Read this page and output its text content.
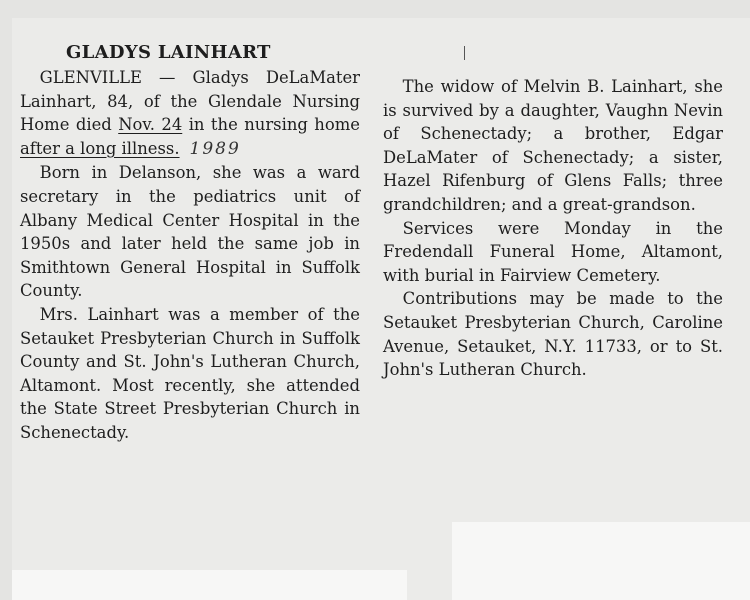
GLADYS LAINHART

GLENVILLE — Gladys DeLaMater Lainhart, 84, of the Glendale Nursing Home died Nov. 24 in the nursing home after a long illness. 1989

Born in Delanson, she was a ward secretary in the pediatrics unit of Albany Medical Center Hospital in the 1950s and later held the same job in Smithtown General Hospital in Suffolk County.

Mrs. Lainhart was a member of the Setauket Presbyterian Church in Suffolk County and St. John's Lutheran Church, Altamont. Most recently, she attended the State Street Presbyterian Church in Schenectady.

The widow of Melvin B. Lainhart, she is survived by a daughter, Vaughn Nevin of Schenectady; a brother, Edgar DeLaMater of Schenectady; a sister, Hazel Rifenburg of Glens Falls; three grandchildren; and a great-grandson.

Services were Monday in the Fredendall Funeral Home, Altamont, with burial in Fairview Cemetery.

Contributions may be made to the Setauket Presbyterian Church, Caroline Avenue, Setauket, N.Y. 11733, or to St. John's Lutheran Church.
